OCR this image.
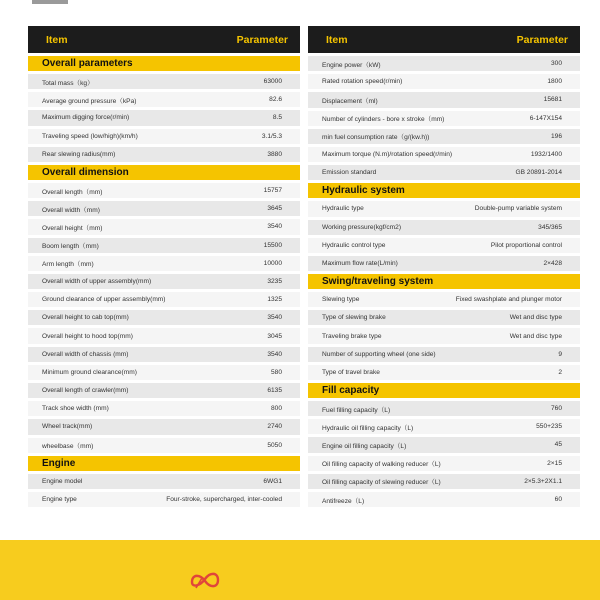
Item	Parameter
Overall parameters
Total mass（kg）	63000
Average ground pressure（kPa)	82.6
Maximum digging force(r/min)	8.5
Traveling speed (low/high)(km/h)	3.1/5.3
Rear slewing radius(mm)	3880
Overall dimension
Overall length（mm)	15757
Overall width（mm)	3645
Overall height（mm)	3540
Boom length（mm)	15500
Arm length（mm)	10000
Overall width of upper assembly(mm)	3235
Ground clearance of upper assembly(mm)	1325
Overall height to cab top(mm)	3540
Overall height to hood top(mm)	3045
Overall width of chassis (mm)	3540
Minimum ground clearance(mm)	580
Overall length of crawler(mm)	6135
Track shoe width (mm)	800
Wheel track(mm)	2740
wheelbase（mm)	5050
Engine
Engine model	6WG1
Engine type	Four-stroke, supercharged, inter-cooled
Item	Parameter
Engine power（kW)	300
Rated rotation speed(r/min)	1800
Displacement（ml)	15681
Number of cylinders - bore x stroke（mm)	6-147X154
min fuel consumption rate（g/(kw.h))	196
Maximum torque (N.m)/rotation speed(r/min)	1932/1400
Emission standard	GB 20891-2014
Hydraulic system
Hydraulic type	Double-pump variable system
Working pressure(kgf/cm2)	345/365
Hydraulic control type	Pilot proportional control
Maximum flow rate(L/min)	2×428
Swing/traveling system
Slewing type	Fixed swashplate and plunger motor
Type of slewing brake	Wet and disc type
Traveling brake type	Wet and disc type
Number of supporting wheel (one side)	9
Type of travel brake	2
Fill capacity
Fuel filling capacity（L)	760
Hydraulic oil filling capacity（L)	550+235
Engine oil filling capacity（L)	45
Oil filling capacity of walking reducer（L)	2×15
Oil filling capacity of slewing reducer（L)	2×5.3+2X1.1
Antifreeze（L)	60
